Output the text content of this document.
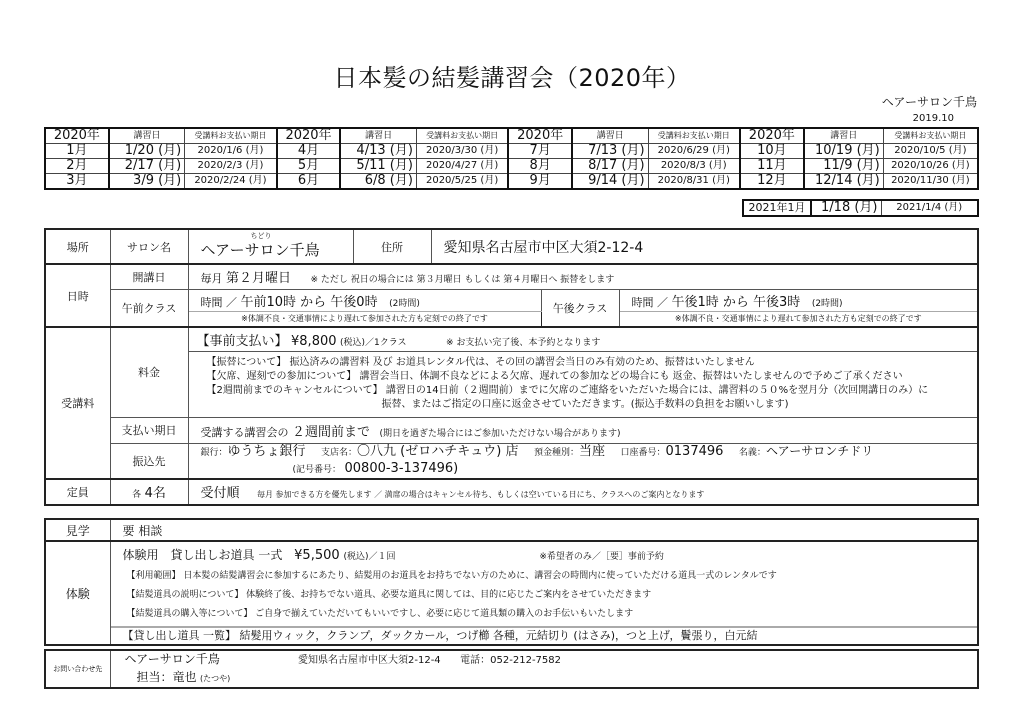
日本髪の結髪講習会（2020年）
ヘアーサロン千鳥
2019.10
2020年	講習日	受講料お支払い期日	2020年	講習日	受講料お支払い期日	2020年	講習日	受講料お支払い期日	2020年	講習日	受講料お支払い期日
1月	1/20 (月)	2020/1/6 (月)	4月	4/13 (月)	2020/3/30 (月)	7月	7/13 (月)	2020/6/29 (月)	10月	10/19 (月)	2020/10/5 (月)
2月	2/17 (月)	2020/2/3 (月)	5月	5/11 (月)	2020/4/27 (月)	8月	8/17 (月)	2020/8/3 (月)	11月	11/9 (月)	2020/10/26 (月)
3月	3/9 (月)	2020/2/24 (月)	6月	6/8 (月)	2020/5/25 (月)	9月	9/14 (月)	2020/8/31 (月)	12月	12/14 (月)	2020/11/30 (月)
2021年1月	1/18 (月)	2021/1/4 (月)
場所	サロン名	ちどり
ヘアーサロン千鳥	住所	愛知県名古屋市中区大須2-12-4		
日時	開講日	毎月 第２月曜日 ※ ただし 祝日の場合には 第３月曜日 もしくは 第４月曜日へ 振替をします				
	午前クラス	時間 ／ 午前10時 から 午後0時 (2時間)			午後クラス	時間 ／ 午後1時 から 午後3時 (2時間)
		※体調不良・交通事情により遅れて参加された方も定刻での終了です				※体調不良・交通事情により遅れて参加された方も定刻での終了です
受講料	料金	【事前支払い】 ¥8,800 (税込)／1クラス ※ お支払い完了後、本予約となります				

		【振替について】 振込済みの講習料 及び お道具レンタル代は、その回の講習会当日のみ有効のため、振替はいたしません
【欠席、遅刻での参加について】 講習会当日、体調不良などによる欠席、遅れての参加などの場合にも 返金、振替はいたしませんので予めご了承ください
【2週間前までのキャンセルについて】 講習日の14日前（２週間前）までに欠席のご連絡をいただいた場合には、講習料の５０%を翌月分（次回開講日のみ）に
振替、またはご指定の口座に返金させていただきます。(振込手数料の負担をお願いします)				

	支払い期日	受講する講習会の ２週間前まで (期日を過ぎた場合にはご参加いただけない場合があります)				
	振込先	銀行：ゆうちょ銀行 支店名：〇八九 (ゼロハチキュウ) 店 預金種別：当座 口座番号：0137496 名義：ヘアーサロンチドリ
(記号番号： 00800-3-137496)				

定員	各 4名	受付順 毎月 参加できる方を優先します ／ 満席の場合はキャンセル待ち、もしくは空いている日にち、クラスへのご案内となります				
見学	要 相談
体験	体験用　貸し出しお道具 一式 ¥5,500 (税込)／１回 ※希望者のみ／［要］事前予約
【利用範囲】 日本髪の結髪講習会に参加するにあたり、結髪用のお道具をお持ちでない方のために、講習会の時間内に使っていただける道具一式のレンタルです
【結髪道具の説明について】 体験終了後、お持ちでない道具、必要な道具に関しては、目的に応じたご案内をさせていただきます
【結髪道具の購入等について】 ご自身で揃えていただいてもいいですし、必要に応じて道具類の購入のお手伝いもいたします
【貸し出し道具 一覧】 結髪用ウィック，クランプ，ダックカール，つげ櫛 各種，元結切り (はさみ)，つと上げ，鬢張り，白元結
お問い合わせ先	
ヘアーサロン千鳥	愛知県名古屋市中区大須2-12-4 電話：052-212-7582
担当：竜也 (たつや)
